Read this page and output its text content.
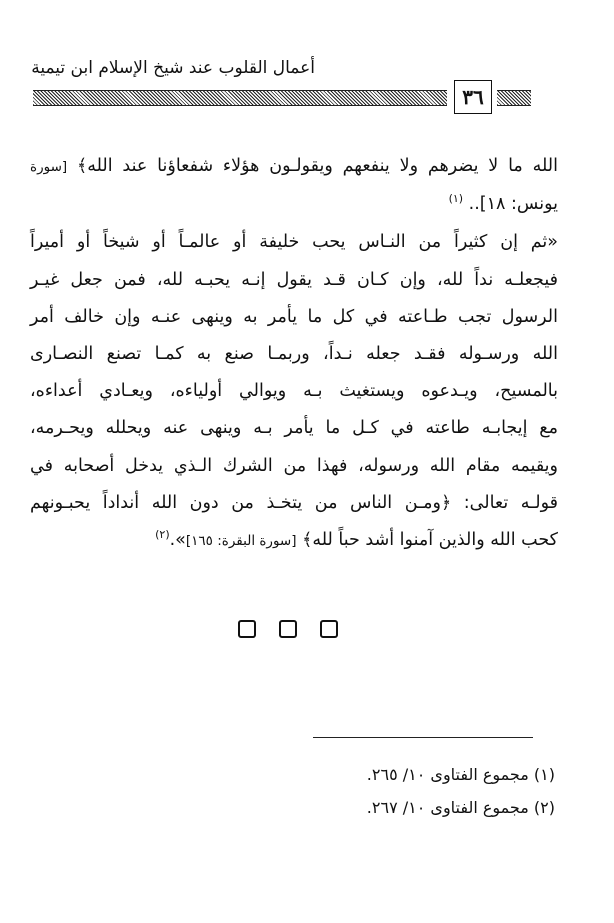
أعمال القلوب عند شيخ الإسلام ابن تيمية
٣٦
الله ما لا يضرهم ولا ينفعهم ويقولـون هؤلاء شفعاؤنا عند الله﴾ [سورة
يونس: ١٨].. $^{(١)}$
«ثم إن كثيراً من النـاس يحب خليفة أو عالمـاً أو شيخاً أو أميراً
فيجعلـه نداً لله، وإن كـان قـد يقول إنـه يحبـه لله، فمن جعل غيـر
الرسول تجب طـاعته في كل ما يأمر به وينهى عنـه وإن خالف أمر
الله ورسـوله فقـد جعله نـداً، وربمـا صنع به كمـا تصنع النصـارى
بالمسيح، ويـدعوه ويستغيث بـه ويوالي أولياءه، ويعـادي أعداءه،
مع إيجابـه طاعته في كـل ما يأمر بـه وينهى عنه ويحلله ويحـرمه،
ويقيمه مقام الله ورسوله، فهذا من الشرك الـذي يدخل أصحابه في
قولـه تعالى: ﴿ومـن الناس من يتخـذ من دون الله أنداداً يحبـونهم
كحب الله والذين آمنوا أشد حباً لله﴾ [سورة البقرة: ١٦٥]».$^{(٢)}$
(١) مجموع الفتاوى ١٠/ ٢٦٥.
(٢) مجموع الفتاوى ١٠/ ٢٦٧.
